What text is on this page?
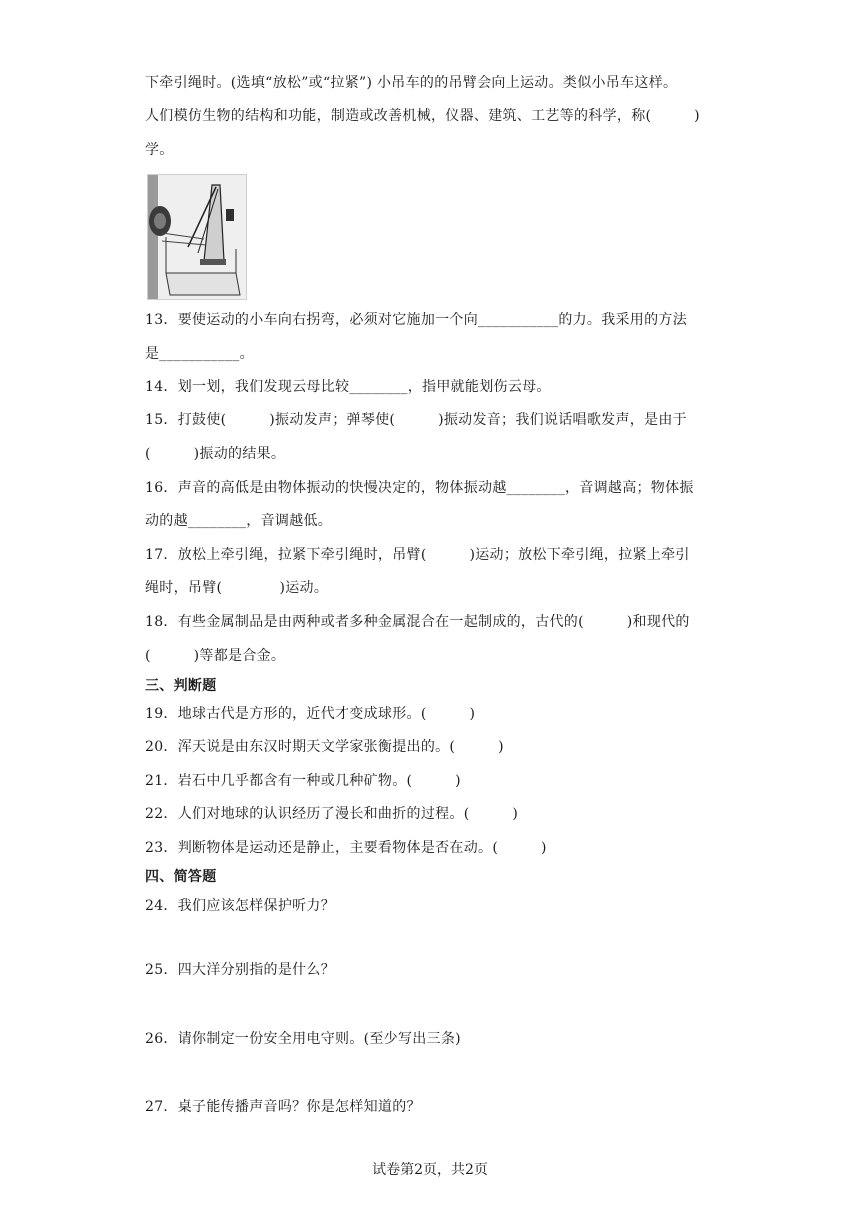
下牵引绳时。(选填“放松”或“拉紧”) 小吊车的的吊臂会向上运动。类似小吊车这样。
人们模仿生物的结构和功能，制造或改善机械，仪器、建筑、工艺等的科学，称(　　　)
学。
13．要使运动的小车向右拐弯，必须对它施加一个向___________的力。我采用的方法
是___________。
14．划一划，我们发现云母比较________，指甲就能划伤云母。
15．打鼓使(　　　)振动发声；弹琴使(　　　)振动发音；我们说话唱歌发声，是由于
(　　　)振动的结果。
16．声音的高低是由物体振动的快慢决定的，物体振动越________，音调越高；物体振
动的越________，音调越低。
17．放松上牵引绳，拉紧下牵引绳时，吊臂(　　　)运动；放松下牵引绳，拉紧上牵引
绳时，吊臂(　　　　)运动。
18．有些金属制品是由两种或者多种金属混合在一起制成的，古代的(　　　)和现代的
(　　　)等都是合金。
三、判断题
19．地球古代是方形的，近代才变成球形。(　　　)
20．浑天说是由东汉时期天文学家张衡提出的。(　　　)
21．岩石中几乎都含有一种或几种矿物。(　　　)
22．人们对地球的认识经历了漫长和曲折的过程。(　　　)
23．判断物体是运动还是静止，主要看物体是否在动。(　　　)
四、简答题
24．我们应该怎样保护听力？
25．四大洋分别指的是什么？
26．请你制定一份安全用电守则。(至少写出三条)
27．桌子能传播声音吗？你是怎样知道的？
试卷第2页，共2页
